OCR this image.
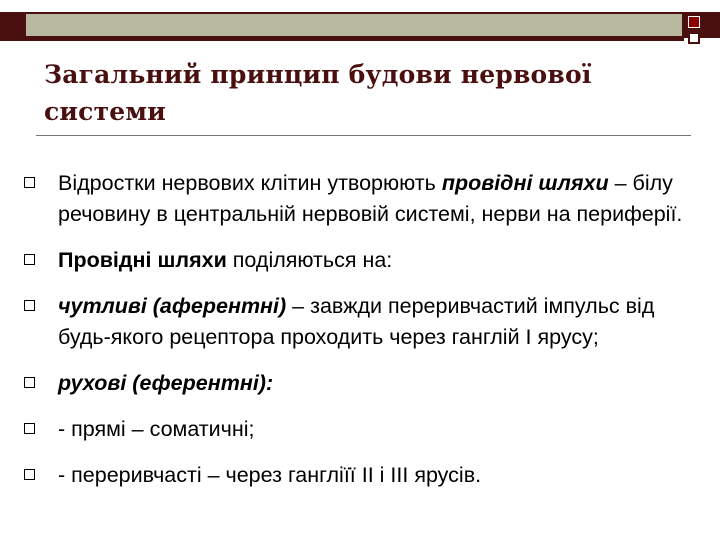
Загальний принцип будови нервової
системи
Відростки нервових клітин утворюють провідні шляхи – білу речовину в центральній нервовій системі, нерви на периферії.
Провідні шляхи поділяються на:
чутливі (аферентні) – завжди переривчастий імпульс від будь-якого рецептора проходить через ганглій І ярусу;
рухові (еферентні):
- прямі – соматичні;
- переривчасті – через гангліїї ІІ і ІІІ ярусів.
